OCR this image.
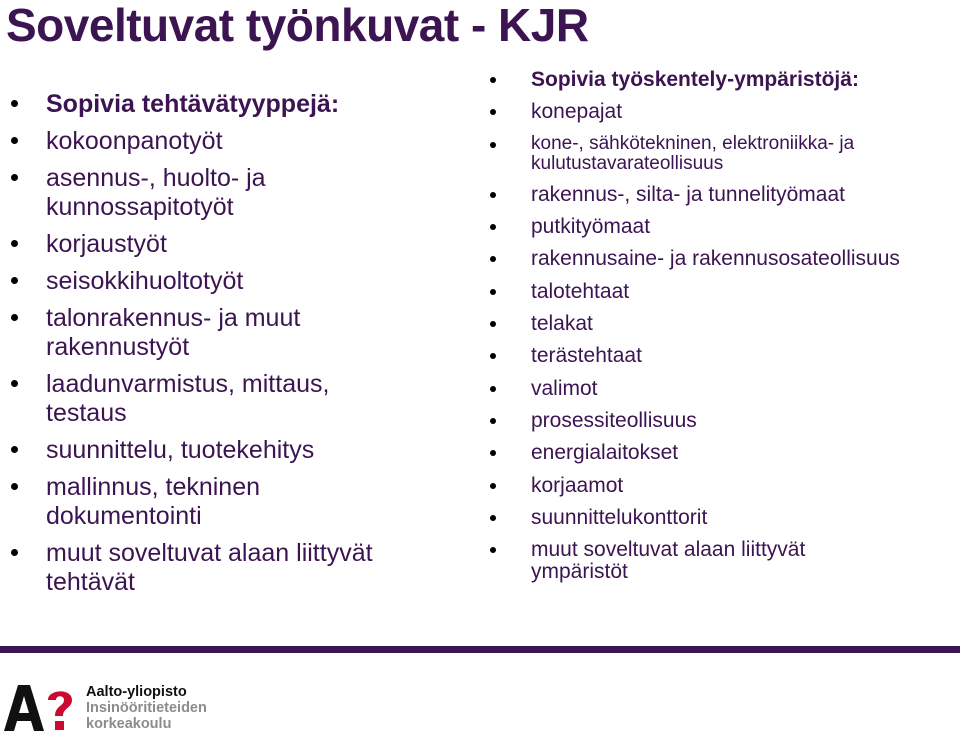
Soveltuvat työnkuvat - KJR
Sopivia tehtävätyyppejä:
kokoonpanotyöt
asennus-, huolto- ja kunnossapitotyöt
korjaustyöt
seisokkihuoltotyöt
talonrakennus- ja muut rakennustyöt
laadunvarmistus, mittaus, testaus
suunnittelu, tuotekehitys
mallinnus, tekninen dokumentointi
muut soveltuvat alaan liittyvät tehtävät
Sopivia työskentely-ympäristöjä:
konepajat
kone-, sähkötekninen, elektroniikka- ja kulutustavarateollisuus
rakennus-, silta- ja tunnelityömaat
putkityömaat
rakennusaine- ja rakennusosateollisuus
talotehtaat
telakat
terästehtaat
valimot
prosessiteollisuus
energialaitokset
korjaamot
suunnittelukonttorit
muut soveltuvat alaan liittyvät ympäristöt
Aalto-yliopisto
Insinööritieteiden
korkeakoulu
